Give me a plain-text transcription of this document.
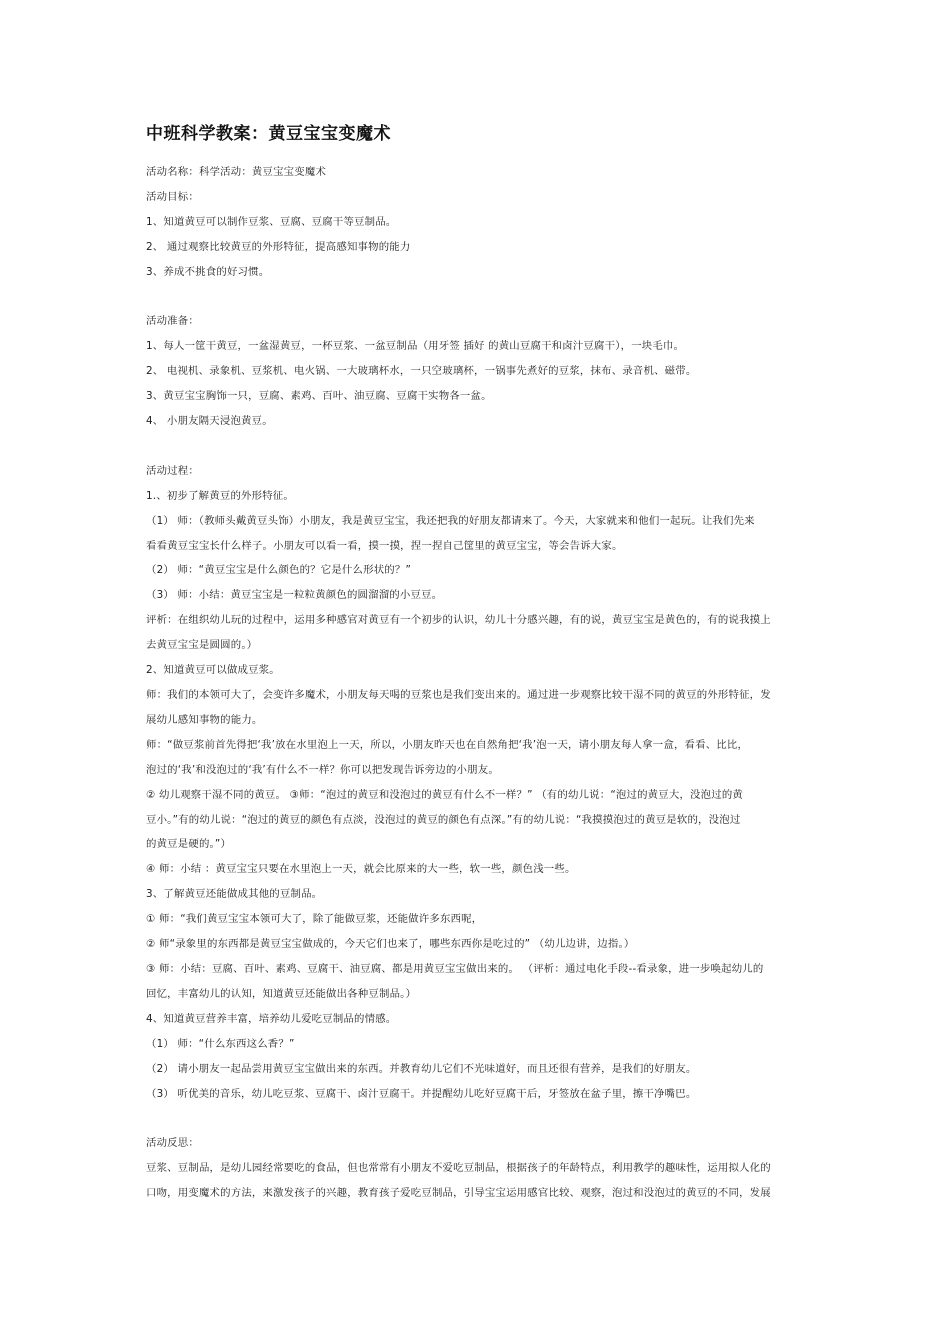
中班科学教案：黄豆宝宝变魔术
活动名称：科学活动：黄豆宝宝变魔术
活动目标：
1、知道黄豆可以制作豆浆、豆腐、豆腐干等豆制品。
2、 通过观察比较黄豆的外形特征，提高感知事物的能力
3、养成不挑食的好习惯。
活动准备：
1、每人一筐干黄豆，一盆湿黄豆，一杯豆浆、一盆豆制品（用牙签 插好 的黄山豆腐干和卤汁豆腐干），一块毛巾。
2、 电视机、录象机、豆浆机、电火锅、一大玻璃杯水，一只空玻璃杯，一锅事先煮好的豆浆，抹布、录音机、磁带。
3、黄豆宝宝胸饰一只，豆腐、素鸡、百叶、油豆腐、豆腐干实物各一盆。
4、 小朋友隔天浸泡黄豆。
活动过程：
1.、初步了解黄豆的外形特征。
（1） 师：（教师头戴黄豆头饰）小朋友，我是黄豆宝宝，我还把我的好朋友都请来了。今天，大家就来和他们一起玩。让我们先来
看看黄豆宝宝长什么样子。小朋友可以看一看，摸一摸，捏一捏自己筐里的黄豆宝宝，等会告诉大家。
（2） 师：“黄豆宝宝是什么颜色的？它是什么形状的？”
（3） 师：小结：黄豆宝宝是一粒粒黄颜色的圆溜溜的小豆豆。
评析：在组织幼儿玩的过程中，运用多种感官对黄豆有一个初步的认识，幼儿十分感兴趣，有的说，黄豆宝宝是黄色的，有的说我摸上
去黄豆宝宝是圆圆的。）
2、知道黄豆可以做成豆浆。
师：我们的本领可大了，会变许多魔术，小朋友每天喝的豆浆也是我们变出来的。通过进一步观察比较干湿不同的黄豆的外形特征，发
展幼儿感知事物的能力。
师：“做豆浆前首先得把‘我’放在水里泡上一天，所以，小朋友昨天也在自然角把‘我’泡一天，请小朋友每人拿一盒，看看、比比，
泡过的‘我’和没泡过的‘我’有什么不一样？你可以把发现告诉旁边的小朋友。
② 幼儿观察干湿不同的黄豆。 ③师：“泡过的黄豆和没泡过的黄豆有什么不一样？” （有的幼儿说：“泡过的黄豆大，没泡过的黄
豆小。”有的幼儿说：“泡过的黄豆的颜色有点淡，没泡过的黄豆的颜色有点深。”有的幼儿说：“我摸摸泡过的黄豆是软的，没泡过
的黄豆是硬的。”）
④ 师：小结 ：黄豆宝宝只要在水里泡上一天，就会比原来的大一些，软一些，颜色浅一些。
3、了解黄豆还能做成其他的豆制品。
① 师：“我们黄豆宝宝本领可大了，除了能做豆浆，还能做许多东西呢，
② 师“录象里的东西都是黄豆宝宝做成的，今天它们也来了，哪些东西你是吃过的” （幼儿边讲，边指。）
③ 师：小结：豆腐、百叶、素鸡、豆腐干、油豆腐、都是用黄豆宝宝做出来的。 （评析：通过电化手段--看录象，进一步唤起幼儿的
回忆，丰富幼儿的认知，知道黄豆还能做出各种豆制品。）
4、知道黄豆营养丰富，培养幼儿爱吃豆制品的情感。
（1） 师：“什么东西这么香？”
（2） 请小朋友一起品尝用黄豆宝宝做出来的东西。并教育幼儿它们不光味道好，而且还很有营养，是我们的好朋友。
（3） 听优美的音乐，幼儿吃豆浆、豆腐干、卤汁豆腐干。并提醒幼儿吃好豆腐干后，牙签放在盆子里，擦干净嘴巴。
活动反思：
豆浆、豆制品，是幼儿园经常要吃的食品，但也常常有小朋友不爱吃豆制品，根据孩子的年龄特点，利用教学的趣味性，运用拟人化的
口吻，用变魔术的方法，来激发孩子的兴趣，教育孩子爱吃豆制品，引导宝宝运用感官比较、观察，泡过和没泡过的黄豆的不同，发展
